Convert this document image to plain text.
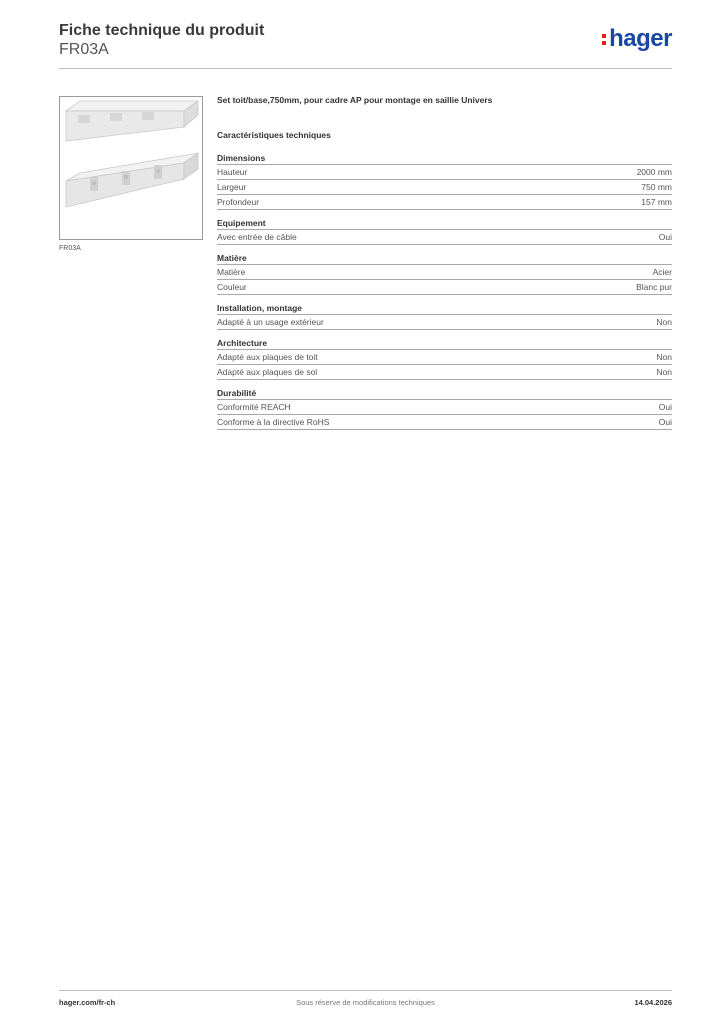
Fiche technique du produit
FR03A	hager
FR03A
Set toit/base,750mm, pour cadre AP pour montage en saillie Univers
Caractéristiques techniques
Dimensions
Hauteur	2000 mm
Largeur	750 mm
Profondeur	157 mm
Equipement
Avec entrée de câble	Oui
Matière
Matière	Acier
Couleur	Blanc pur
Installation, montage
Adapté à un usage extérieur	Non
Architecture
Adapté aux plaques de toit	Non
Adapté aux plaques de sol	Non
Durabilité
Conformité REACH	Oui
Conforme à la directive RoHS	Oui
Sous réserve de modifications techniques
hager.com/fr-ch	14.04.2026
